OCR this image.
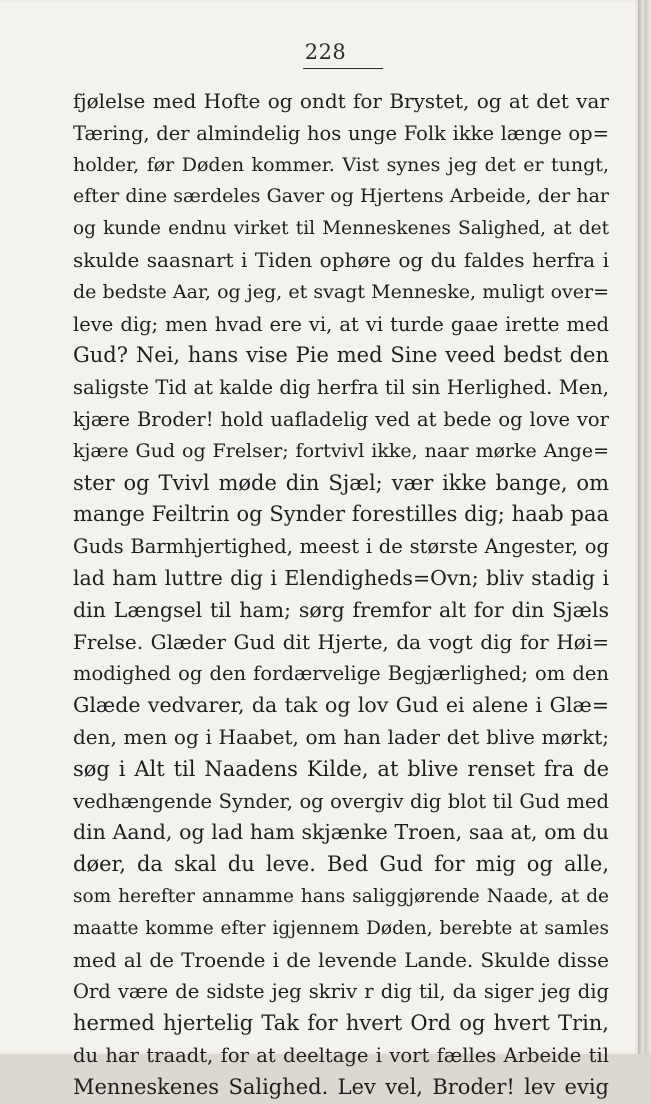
228
fjølelse med Hofte og ondt for Brystet, og at det var
Tæring, der almindelig hos unge Folk ikke længe op=
holder, før Døden kommer. Vist synes jeg det er tungt,
efter dine særdeles Gaver og Hjertens Arbeide, der har
og kunde endnu virket til Menneskenes Salighed, at det
skulde saasnart i Tiden ophøre og du faldes herfra i
de bedste Aar, og jeg, et svagt Menneske, muligt over=
leve dig; men hvad ere vi, at vi turde gaae irette med
Gud? Nei, hans vise Pie med Sine veed bedst den
saligste Tid at kalde dig herfra til sin Herlighed. Men,
kjære Broder! hold uafladelig ved at bede og love vor
kjære Gud og Frelser; fortvivl ikke, naar mørke Ange=
ster og Tvivl møde din Sjæl; vær ikke bange, om
mange Feiltrin og Synder forestilles dig; haab paa
Guds Barmhjertighed, meest i de største Angester, og
lad ham luttre dig i Elendigheds=Ovn; bliv stadig i
din Længsel til ham; sørg fremfor alt for din Sjæls
Frelse. Glæder Gud dit Hjerte, da vogt dig for Høi=
modighed og den fordærvelige Begjærlighed; om den
Glæde vedvarer, da tak og lov Gud ei alene i Glæ=
den, men og i Haabet, om han lader det blive mørkt;
søg i Alt til Naadens Kilde, at blive renset fra de
vedhængende Synder, og overgiv dig blot til Gud med
din Aand, og lad ham skjænke Troen, saa at, om du
døer, da skal du leve. Bed Gud for mig og alle,
som herefter annamme hans saliggjørende Naade, at de
maatte komme efter igjennem Døden, berebte at samles
med al de Troende i de levende Lande. Skulde disse
Ord være de sidste jeg skriv r dig til, da siger jeg dig
hermed hjertelig Tak for hvert Ord og hvert Trin,
du har traadt, for at deeltage i vort fælles Arbeide til
Menneskenes Salighed. Lev vel, Broder! lev evig
